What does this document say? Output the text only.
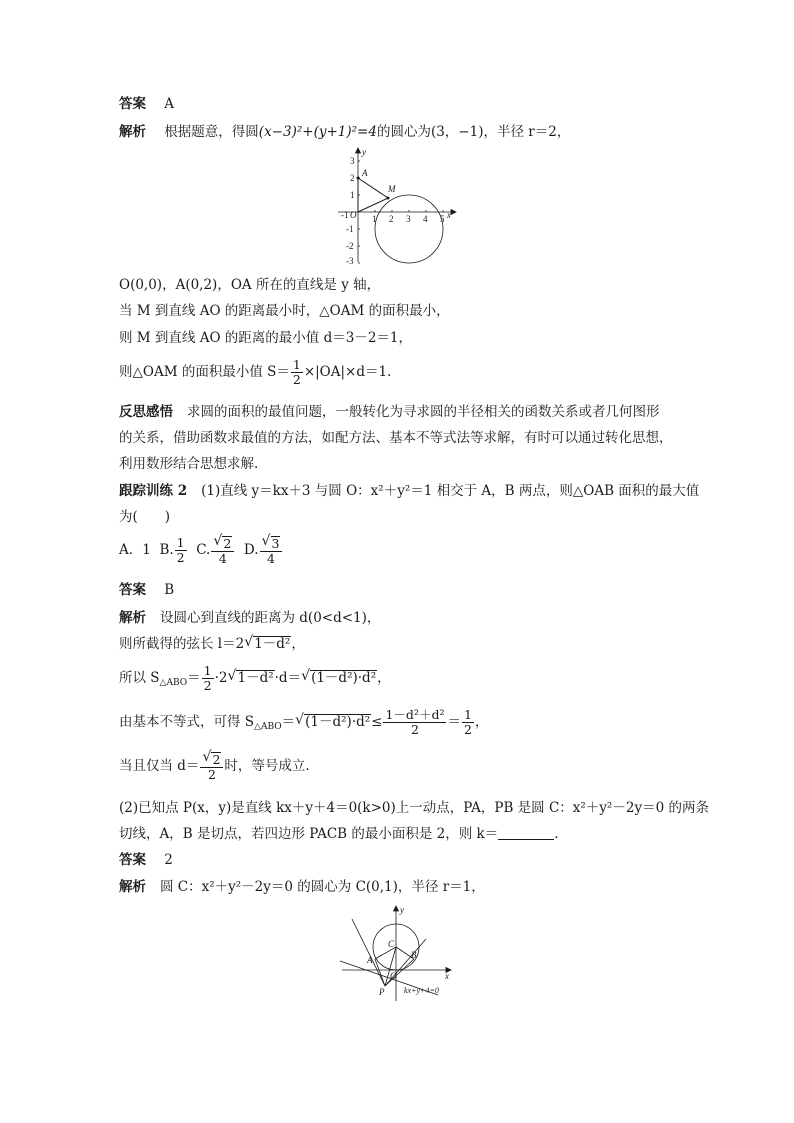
答案 A
解析 根据题意，得圆(x−3)²+(y+1)²=4的圆心为(3，−1)，半径 r＝2，
y
x
-1 O 1 2 3 4 5
3
2
1
-1
-2
-3
A
M
O(0,0)，A(0,2)，OA 所在的直线是 y 轴，
当 M 到直线 AO 的距离最小时，△OAM 的面积最小，
则 M 到直线 AO 的距离的最小值 d＝3－2＝1，
则△OAM 的面积最小值 $S= \frac{1}{2} \times|OA|\times d=1$.
反思感悟 求圆的面积的最值问题，一般转化为寻求圆的半径相关的函数关系或者几何图形
的关系，借助函数求最值的方法，如配方法、基本不等式法等求解，有时可以通过转化思想，
利用数形结合思想求解.
跟踪训练 2 (1)直线 y＝kx＋3 与圆 O：x²＋y²＝1 相交于 A，B 两点，则△OAB 面积的最大值
为(　　)
A．1 B. $\frac{1}{2} C$.
√ $\frac{2}{4} D$.
√ $\frac{3}{4}$
答案 B
解析 设圆心到直线的距离为 d(0<d<1)，
则所截得的弦长 l＝2√ 1－d²，
所以 $S_{\triangle ABO}= \frac{1}{2} \cdot 2√$ 1－d²·d＝√ (1－d²)·d²，
由基本不等式，可得 $S_{\triangle ABO}=√$ $(1-d^2)\cdot d^2\le \frac{\text{1－d²＋d²}}{2} = \frac{1}{2}$ ，
当且仅当 d＝
√ $\frac{2}{2}$ 时，等号成立.
(2)已知点 P(x，y)是直线 kx＋y＋4＝0(k>0)上一动点，PA，PB 是圆 C：x²＋y²－2y＝0 的两条
切线，A，B 是切点，若四边形 PACB 的最小面积是 2，则 k＝	.
答案 2
解析 圆 C：x²＋y²－2y＝0 的圆心为 C(0,1)，半径 r＝1，
y
x
C
A	B
O
P kx+y+4=0
